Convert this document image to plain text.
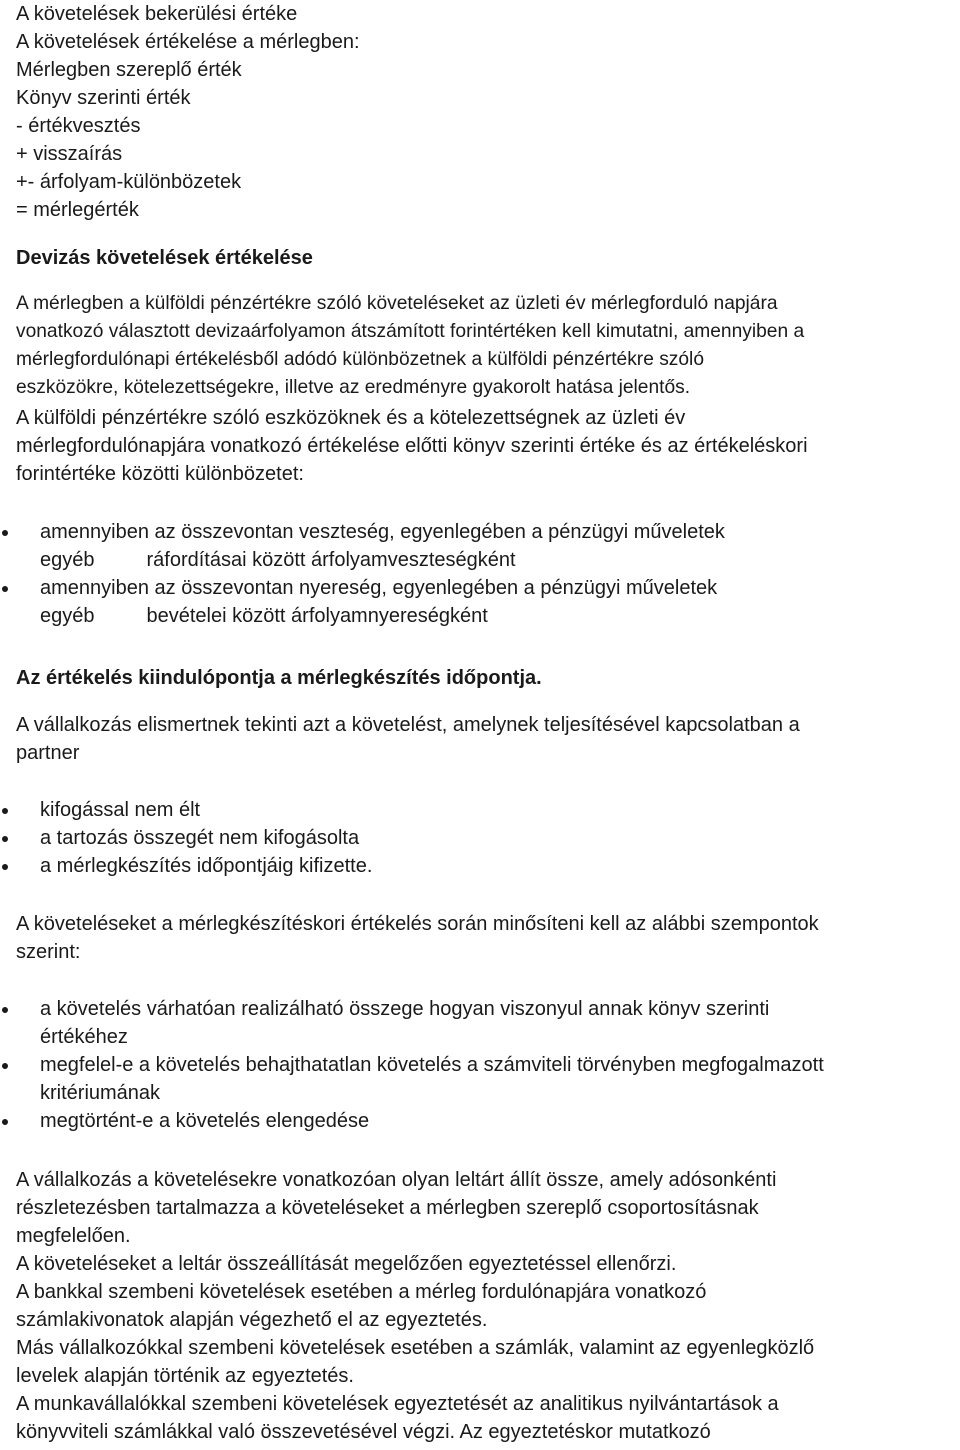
A követelések bekerülési értéke
A követelések értékelése a mérlegben:
Mérlegben szereplő érték
Könyv szerinti érték
- értékvesztés
+ visszaírás
+- árfolyam-különbözetek
= mérlegérték
Devizás követelések értékelése
A mérlegben a külföldi pénzértékre szóló követeléseket az üzleti év mérlegforduló napjára
vonatkozó választott devizaárfolyamon átszámított forintértéken kell kimutatni, amennyiben a
mérlegfordulónapi értékelésből adódó különbözetnek a külföldi pénzértékre szóló
eszközökre, kötelezettségekre, illetve az eredményre gyakorolt hatása jelentős.
A külföldi pénzértékre szóló eszközöknek és a kötelezettségnek az üzleti év
mérlegfordulónapjára vonatkozó értékelése előtti könyv szerinti értéke és az értékeléskori
forintértéke közötti különbözetet:
amennyiben az összevontan veszteség, egyenlegében a pénzügyi műveletek
egyéb	ráfordításai között árfolyamveszteségként
amennyiben az összevontan nyereség, egyenlegében a pénzügyi műveletek
egyéb	bevételei között árfolyamnyereségként
Az értékelés kiindulópontja a mérlegkészítés időpontja.
A vállalkozás elismertnek tekinti azt a követelést, amelynek teljesítésével kapcsolatban a
partner
kifogással nem élt
a tartozás összegét nem kifogásolta
a mérlegkészítés időpontjáig kifizette.
A követeléseket a mérlegkészítéskori értékelés során minősíteni kell az alábbi szempontok
szerint:
a követelés várhatóan realizálható összege hogyan viszonyul annak könyv szerinti
értékéhez
megfelel-e a követelés behajthatatlan követelés a számviteli törvényben megfogalmazott
kritériumának
megtörtént-e a követelés elengedése
A vállalkozás a követelésekre vonatkozóan olyan leltárt állít össze, amely adósonkénti
részletezésben tartalmazza a követeléseket a mérlegben szereplő csoportosításnak
megfelelően.
A követeléseket a leltár összeállítását megelőzően egyeztetéssel ellenőrzi.
A bankkal szembeni követelések esetében a mérleg fordulónapjára vonatkozó
számlakivonatok alapján végezhető el az egyeztetés.
Más vállalkozókkal szembeni követelések esetében a számlák, valamint az egyenlegközlő
levelek alapján történik az egyeztetés.
A munkavállalókkal szembeni követelések egyeztetését az analitikus nyilvántartások a
könyvviteli számlákkal való összevetésével végzi. Az egyeztetéskor mutatkozó
